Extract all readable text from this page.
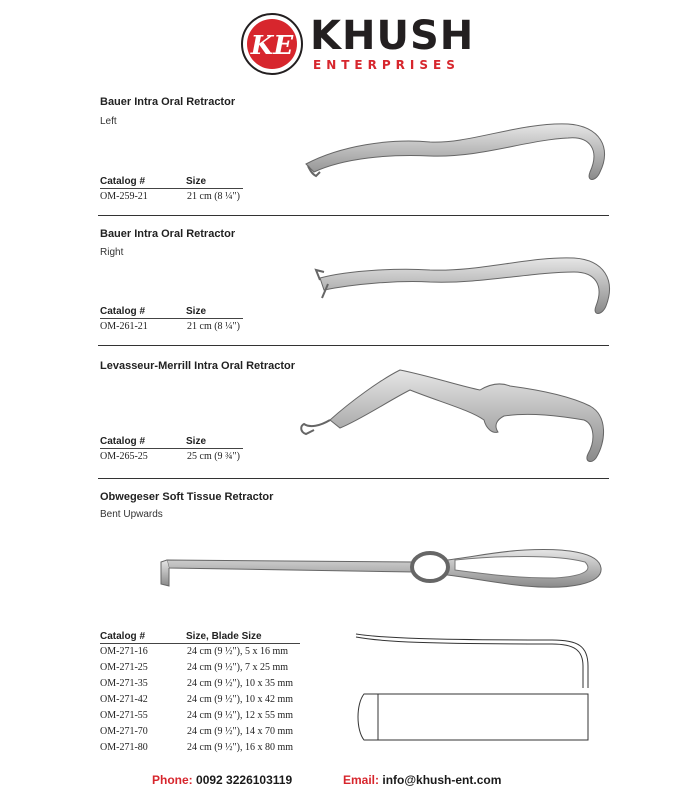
KE KHUSH
ENTERPRISES
Bauer Intra Oral Retractor
Left
Catalog #	Size
OM-259-21	21 cm (8 ¼")
Bauer Intra Oral Retractor
Right
Catalog #	Size
OM-261-21	21 cm (8 ¼")
Levasseur-Merrill Intra Oral Retractor
Catalog #	Size
OM-265-25	25 cm (9 ¾")
Obwegeser Soft Tissue Retractor
Bent Upwards
Catalog #	Size, Blade Size
OM-271-16	24 cm (9 ½"), 5 x 16 mm
OM-271-25	24 cm (9 ½"), 7 x 25 mm
OM-271-35	24 cm (9 ½"), 10 x 35 mm
OM-271-42	24 cm (9 ½"), 10 x 42 mm
OM-271-55	24 cm (9 ½"), 12 x 55 mm
OM-271-70	24 cm (9 ½"), 14 x 70 mm
OM-271-80	24 cm (9 ½"), 16 x 80 mm
Phone: 0092 3226103119	Email: info@khush-ent.com
